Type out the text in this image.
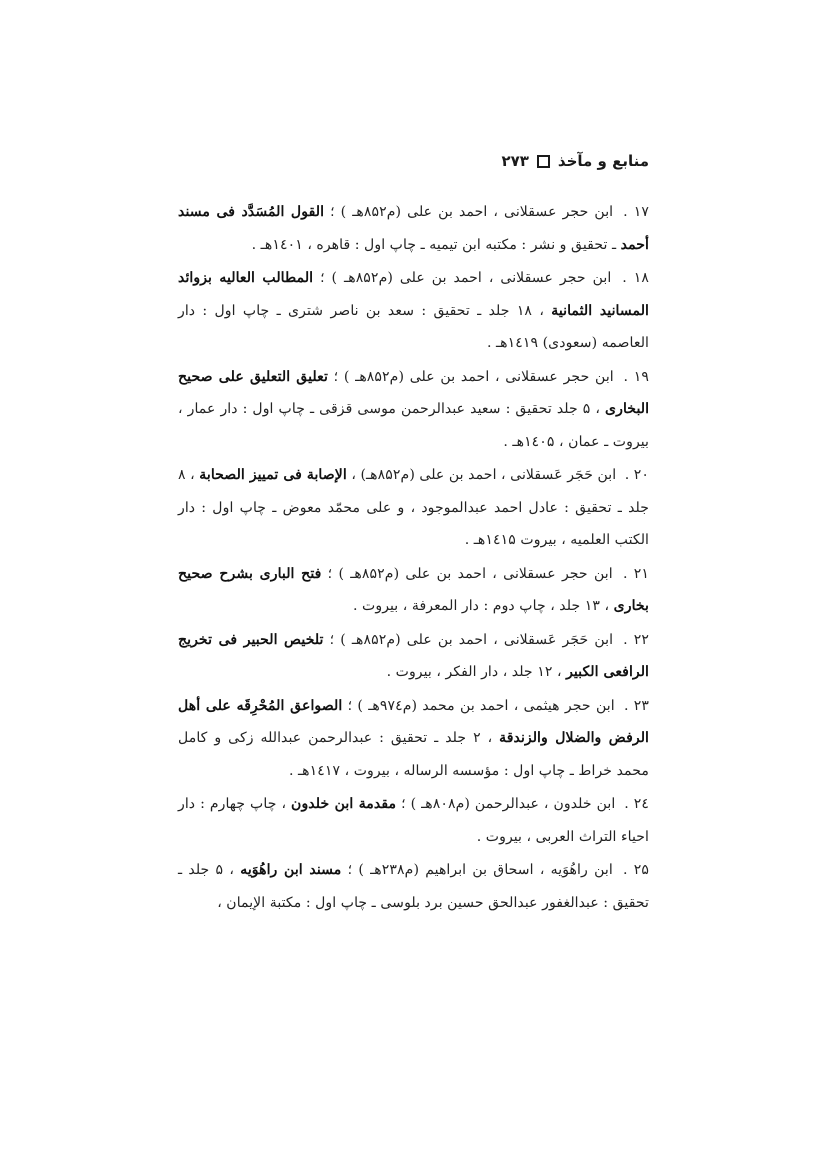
منابع و مآخذ
۲۷۳

۱۷ . ابن حجر عسقلانی ، احمد بن علی (م۸۵۲هـ ) ؛ القول المُسَدَّد فی مسند أحمد ـ تحقیق و نشر : مکتبه ابن تیمیه ـ چاپ اول : قاهره ، ۱٤۰۱هـ .

۱۸ . ابن حجر عسقلانی ، احمد بن علی (م۸۵۲هـ ) ؛ المطالب العالیه بزوائد المسانید الثمانیة ، ۱۸ جلد ـ تحقیق : سعد بن ناصر شتری ـ چاپ اول : دار العاصمه (سعودی) ۱٤۱۹هـ .

۱۹ . ابن حجر عسقلانی ، احمد بن علی (م۸۵۲هـ ) ؛ تعلیق التعلیق علی صحیح البخاری ، ۵ جلد تحقیق : سعید عبدالرحمن موسی قزقی ـ چاپ اول : دار عمار ، بیروت ـ عمان ، ۱٤۰۵هـ .

۲۰ . ابن حَجَر عَسقلانی ، احمد بن علی (م۸۵۲هـ) ، الإصابة فی تمییز الصحابة ، ۸ جلد ـ تحقیق : عادل احمد عبدالموجود ، و علی محمّد معوض ـ چاپ اول : دار الکتب العلمیه ، بیروت ۱٤۱۵هـ .

۲۱ . ابن حجر عسقلانی ، احمد بن علی (م۸۵۲هـ ) ؛ فتح الباری بشرح صحیح بخاری ، ۱۳ جلد ، چاپ دوم : دار المعرفة ، بیروت .

۲۲ . ابن حَجَر عَسقلانی ، احمد بن علی (م۸۵۲هـ ) ؛ تلخیص الحبیر فی تخریج الرافعی الکبیر ، ۱۲ جلد ، دار الفکر ، بیروت .

۲۳ . ابن حجر هیثمی ، احمد بن محمد (م۹۷٤هـ ) ؛ الصواعق المُحْرِقَه علی أهل الرفض والضلال والزندقة ، ۲ جلد ـ تحقیق : عبدالرحمن عبدالله زکی و کامل محمد خراط ـ چاپ اول : مؤسسه الرساله ، بیروت ، ۱٤۱۷هـ .

۲٤ . ابن خلدون ، عبدالرحمن (م۸۰۸هـ ) ؛ مقدمة ابن خلدون ، چاپ چهارم : دار احیاء التراث العربی ، بیروت .

۲۵ . ابن راهُوَیه ، اسحاق بن ابراهیم (م۲۳۸هـ ) ؛ مسند ابن راهُوَیه ، ۵ جلد ـ تحقیق : عبدالغفور عبدالحق حسین برد بلوسی ـ چاپ اول : مکتبة الإیمان ،
